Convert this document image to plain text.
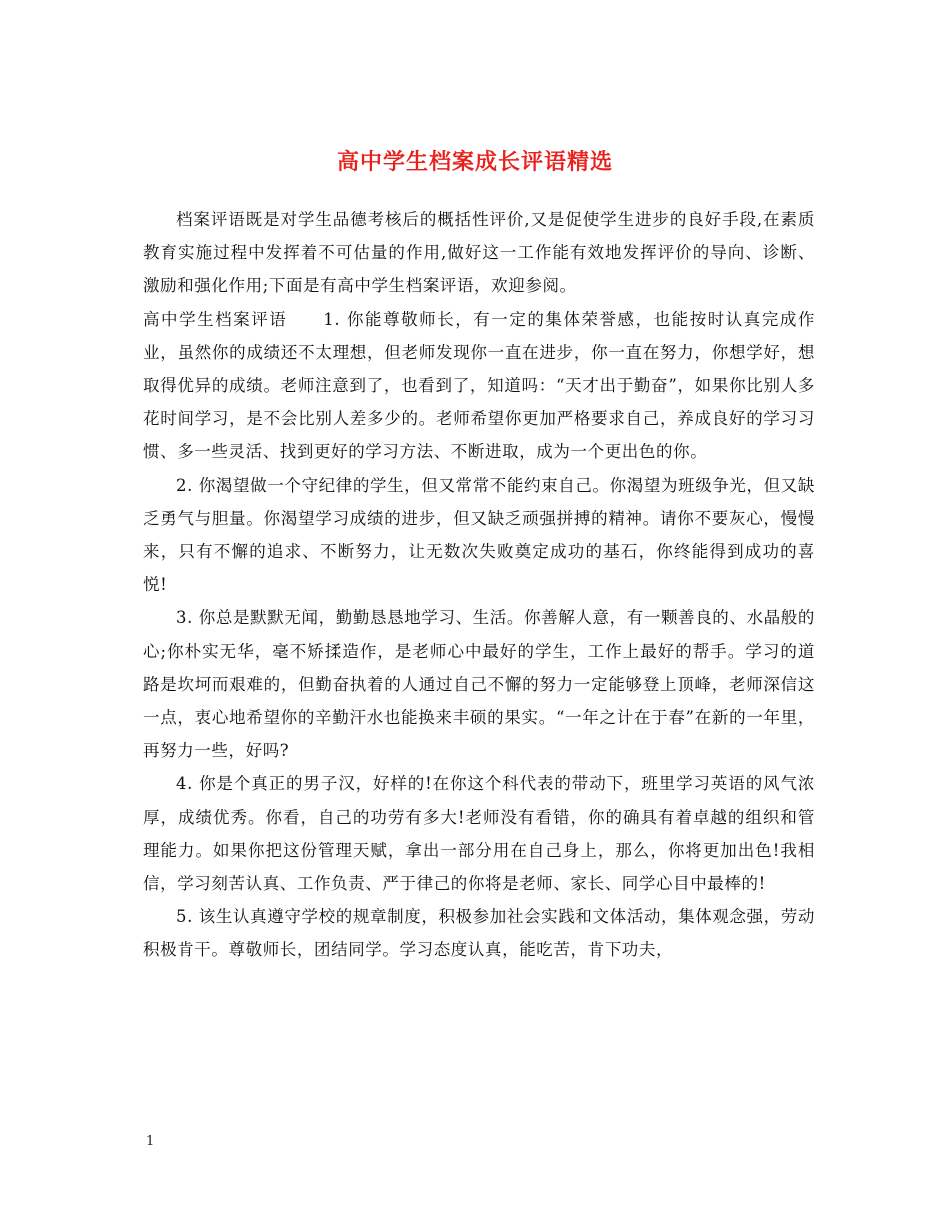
高中学生档案成长评语精选

档案评语既是对学生品德考核后的概括性评价,又是促使学生进步的良好手段,在素质教育实施过程中发挥着不可估量的作用,做好这一工作能有效地发挥评价的导向、诊断、激励和强化作用;下面是有高中学生档案评语，欢迎参阅。

高中学生档案评语 1. 你能尊敬师长，有一定的集体荣誉感，也能按时认真完成作业，虽然你的成绩还不太理想，但老师发现你一直在进步，你一直在努力，你想学好，想取得优异的成绩。老师注意到了，也看到了，知道吗：“天才出于勤奋”，如果你比别人多花时间学习，是不会比别人差多少的。老师希望你更加严格要求自己，养成良好的学习习惯、多一些灵活、找到更好的学习方法、不断进取，成为一个更出色的你。

2. 你渴望做一个守纪律的学生，但又常常不能约束自己。你渴望为班级争光，但又缺乏勇气与胆量。你渴望学习成绩的进步，但又缺乏顽强拼搏的精神。请你不要灰心，慢慢来，只有不懈的追求、不断努力，让无数次失败奠定成功的基石，你终能得到成功的喜悦!

3. 你总是默默无闻，勤勤恳恳地学习、生活。你善解人意，有一颗善良的、水晶般的心;你朴实无华，毫不矫揉造作，是老师心中最好的学生，工作上最好的帮手。学习的道路是坎坷而艰难的，但勤奋执着的人通过自己不懈的努力一定能够登上顶峰，老师深信这一点，衷心地希望你的辛勤汗水也能换来丰硕的果实。“一年之计在于春”在新的一年里，再努力一些，好吗?

4. 你是个真正的男子汉，好样的!在你这个科代表的带动下，班里学习英语的风气浓厚，成绩优秀。你看，自己的功劳有多大!老师没有看错，你的确具有着卓越的组织和管理能力。如果你把这份管理天赋，拿出一部分用在自己身上，那么，你将更加出色!我相信，学习刻苦认真、工作负责、严于律己的你将是老师、家长、同学心目中最棒的!

5. 该生认真遵守学校的规章制度，积极参加社会实践和文体活动，集体观念强，劳动积极肯干。尊敬师长，团结同学。学习态度认真，能吃苦，肯下功夫，

1
